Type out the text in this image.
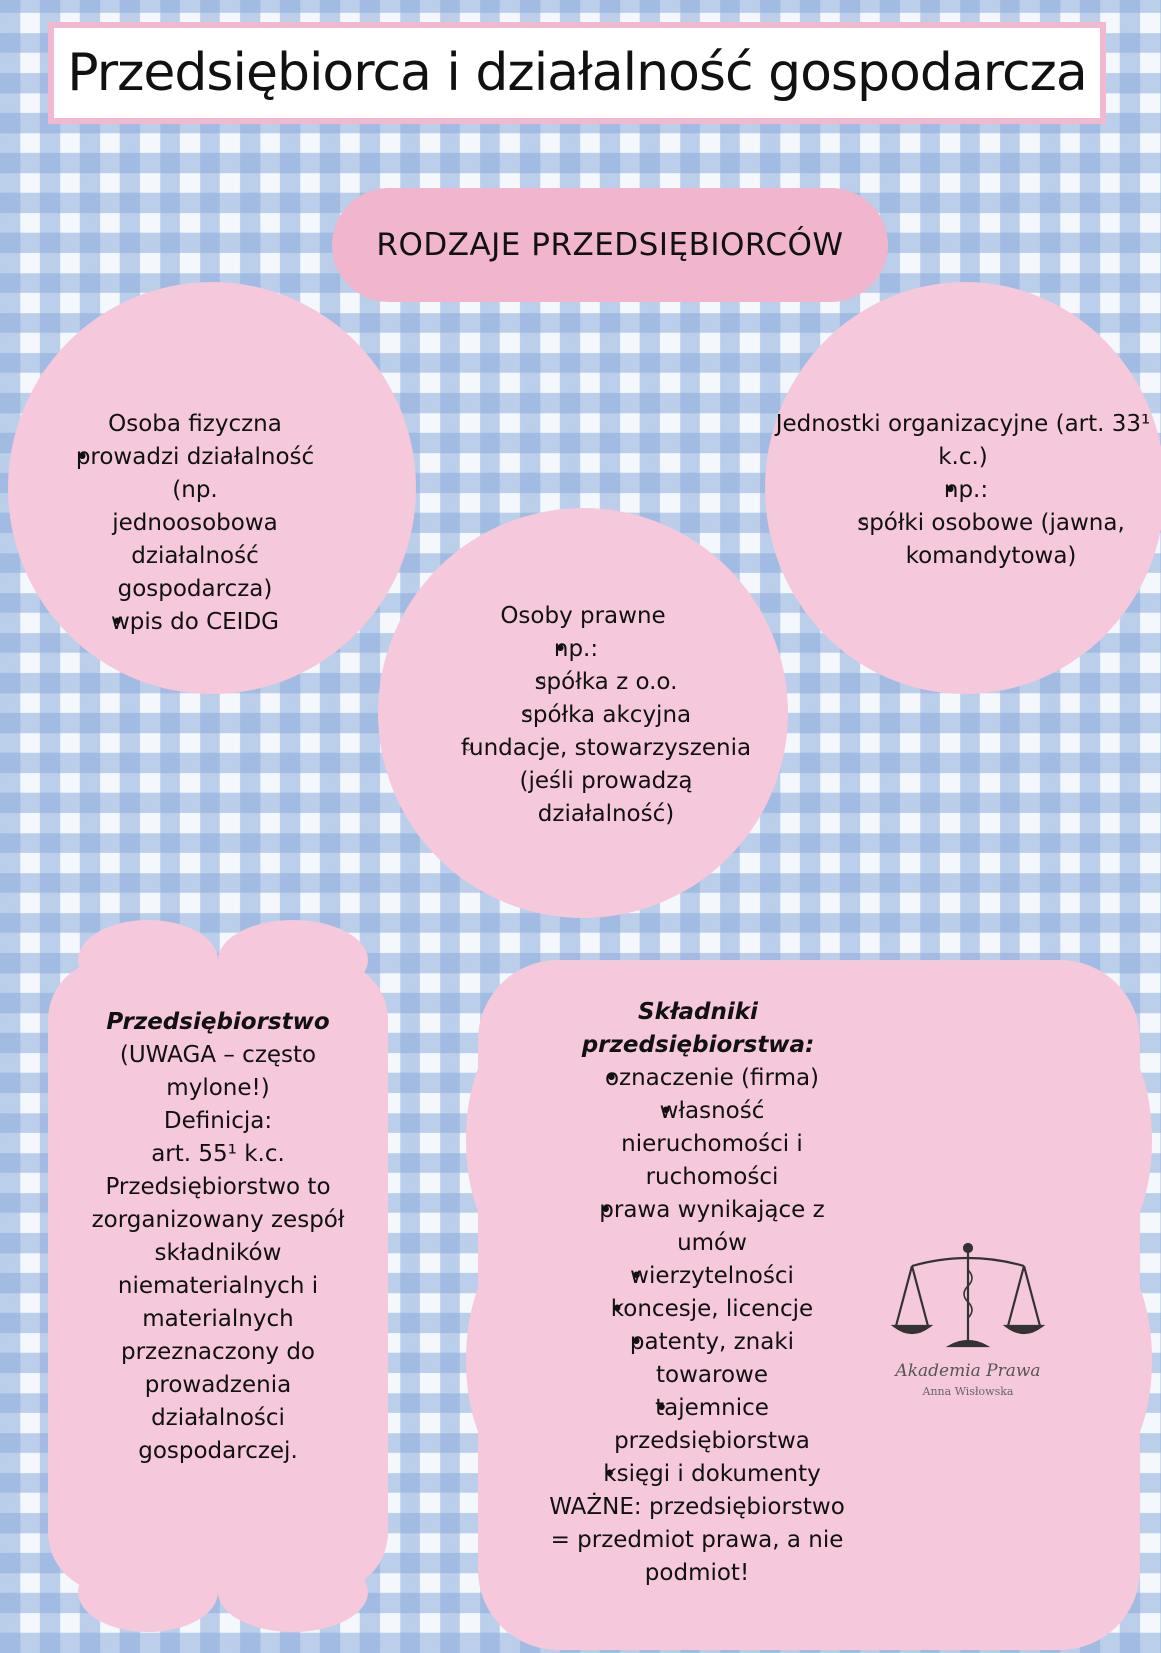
Przedsiębiorca i działalność gospodarcza
RODZAJE PRZEDSIĘBIORCÓW
Osoba fizyczna
• prowadzi działalność (np.
jednoosobowa działalność
gospodarcza)
• wpis do CEIDG
Jednostki organizacyjne (art. 33¹
k.c.)
• np.:
◦ spółki osobowe (jawna,
komandytowa)
Osoby prawne
• np.:
◦ spółka z o.o.
◦ spółka akcyjna
◦ fundacje, stowarzyszenia
(jeśli prowadzą
działalność)
Przedsiębiorstwo
(UWAGA – często
mylone!)
Definicja:
art. 55¹ k.c.
Przedsiębiorstwo to
zorganizowany zespół
składników
niematerialnych i
materialnych
przeznaczony do
prowadzenia
działalności
gospodarczej.
Składniki
przedsiębiorstwa:
• oznaczenie (firma)
• własność
nieruchomości i
ruchomości
• prawa wynikające z
umów
• wierzytelności
• koncesje, licencje
• patenty, znaki
towarowe
• tajemnice
przedsiębiorstwa
• księgi i dokumenty
WAŻNE: przedsiębiorstwo
= przedmiot prawa, a nie
podmiot!
Akademia Prawa
Anna Wisłowska
